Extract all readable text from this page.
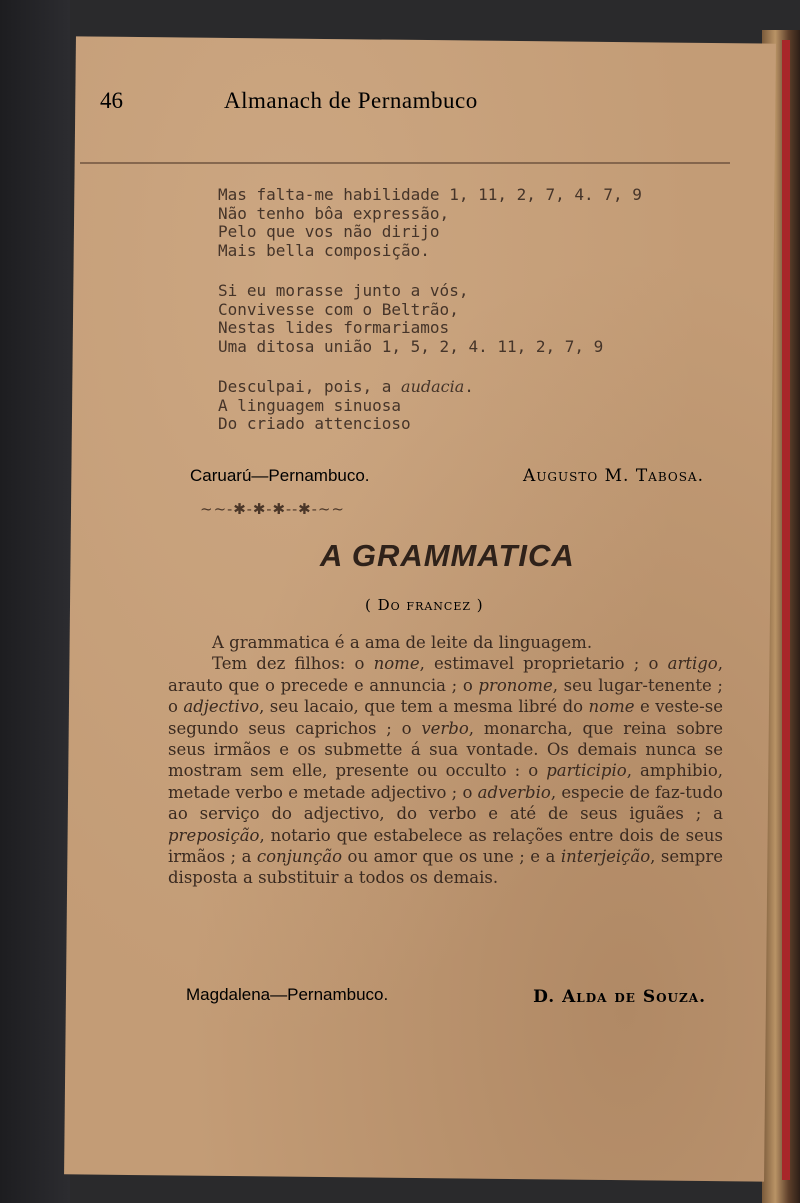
46	Almanach de Pernambuco
Mas falta-me habilidade 1, 11, 2, 7, 4. 7, 9
Não tenho bôa expressão,
Pelo que vos não dirijo
Mais bella composição.
Si eu morasse junto a vós,
Convivesse com o Beltrão,
Nestas lides formariamos
Uma ditosa união 1, 5, 2, 4. 11, 2, 7, 9
Desculpai, pois, a audacia.
A linguagem sinuosa
Do criado attencioso
Caruarú—Pernambuco.	Augusto M. Tabosa.
~~-✱-✱-✱--✱-~~
A GRAMMATICA
( Do francez )

A grammatica é a ama de leite da linguagem.

Tem dez filhos: o nome, estimavel proprietario ; o artigo, arauto que o precede e annuncia ; o pronome, seu lugar-tenente ; o adjectivo, seu lacaio, que tem a mesma libré do nome e veste-se segundo seus caprichos ; o verbo, monarcha, que reina sobre seus irmãos e os submette á sua vontade. Os demais nunca se mostram sem elle, presente ou occulto : o participio, amphibio, metade verbo e metade adjectivo ; o adverbio, especie de faz-tudo ao serviço do adjectivo, do verbo e até de seus iguães ; a preposição, notario que estabelece as relações entre dois de seus irmãos ; a conjunção ou amor que os une ; e a interjeição, sempre disposta a substituir a todos os demais.

Magdalena—Pernambuco.	D. Alda de Souza.
